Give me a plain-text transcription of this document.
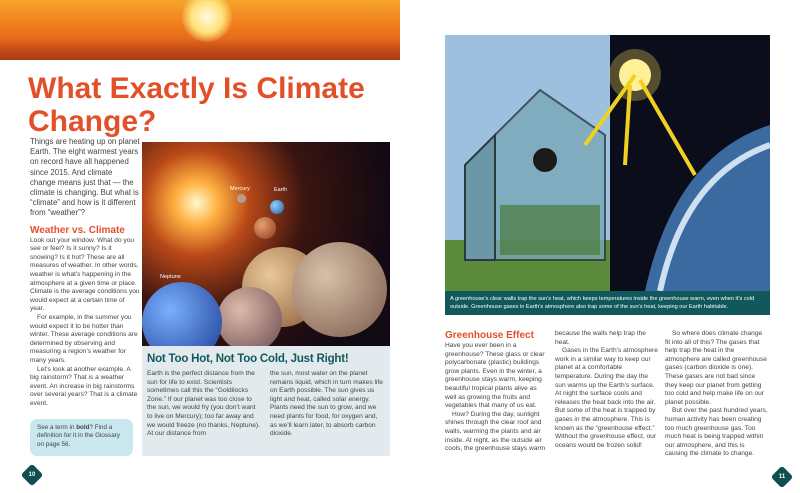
What Exactly Is Climate Change?

Things are heating up on planet Earth. The eight warmest years on record have all happened since 2015. And climate change means just that — the climate is changing. But what is “climate” and how is it different from “weather”?

Weather vs. Climate

Look out your window. What do you see or feel? Is it sunny? Is it snowing? Is it hot? These are all measures of weather. In other words, weather is what’s happening in the atmosphere at a given time or place. Climate is the average conditions you would expect at a certain time of year.

For example, in the summer you would expect it to be hotter than winter. These average conditions are determined by observing and measuring a region’s weather for many years.

Let’s look at another example. A big rainstorm? That is a weather event. An increase in big rainstorms over several years? That is a climate event.

Mercury	Earth
Neptune
Not Too Hot, Not Too Cold, Just Right!

Earth is the perfect distance from the sun for life to exist. Scientists sometimes call this the “Goldilocks Zone.” If our planet was too close to the sun, we would fry (you don’t want to live on Mercury); too far away and we would freeze (no thanks, Neptune). At our distance from

the sun, most water on the planet remains liquid, which in turn makes life on Earth possible. The sun gives us light and heat, called solar energy. Plants need the sun to grow, and we need plants for food, for oxygen and, as we’ll learn later, to absorb carbon dioxide.

See a term in bold? Find a definition for it in the Glossary on page 56.
10
A greenhouse’s clear walls trap the sun’s heat, which keeps temperatures inside the greenhouse warm, even when it’s cold outside. Greenhouse gases in Earth’s atmosphere also trap some of the sun’s heat, keeping our Earth habitable.
Greenhouse Effect

Have you ever been in a greenhouse? These glass or clear polycarbonate (plastic) buildings grow plants. Even in the winter, a greenhouse stays warm, keeping beautiful tropical plants alive as well as growing the fruits and vegetables that many of us eat.

How? During the day, sunlight shines through the clear roof and walls, warming the plants and air inside. At night, as the outside air cools, the greenhouse stays warm

because the walls help trap the heat.

Gases in the Earth’s atmosphere work in a similar way to keep our planet at a comfortable temperature. During the day the sun warms up the Earth’s surface. At night the surface cools and releases the heat back into the air. But some of the heat is trapped by gases in the atmosphere. This is known as the “greenhouse effect.” Without the greenhouse effect, our oceans would be frozen solid!

So where does climate change fit into all of this? The gases that help trap the heat in the atmosphere are called greenhouse gases (carbon dioxide is one). These gases are not bad since they keep our planet from getting too cold and help make life on our planet possible.

But over the past hundred years, human activity has been creating too much greenhouse gas. Too much heat is being trapped within our atmosphere, and this is causing the climate to change.

11
